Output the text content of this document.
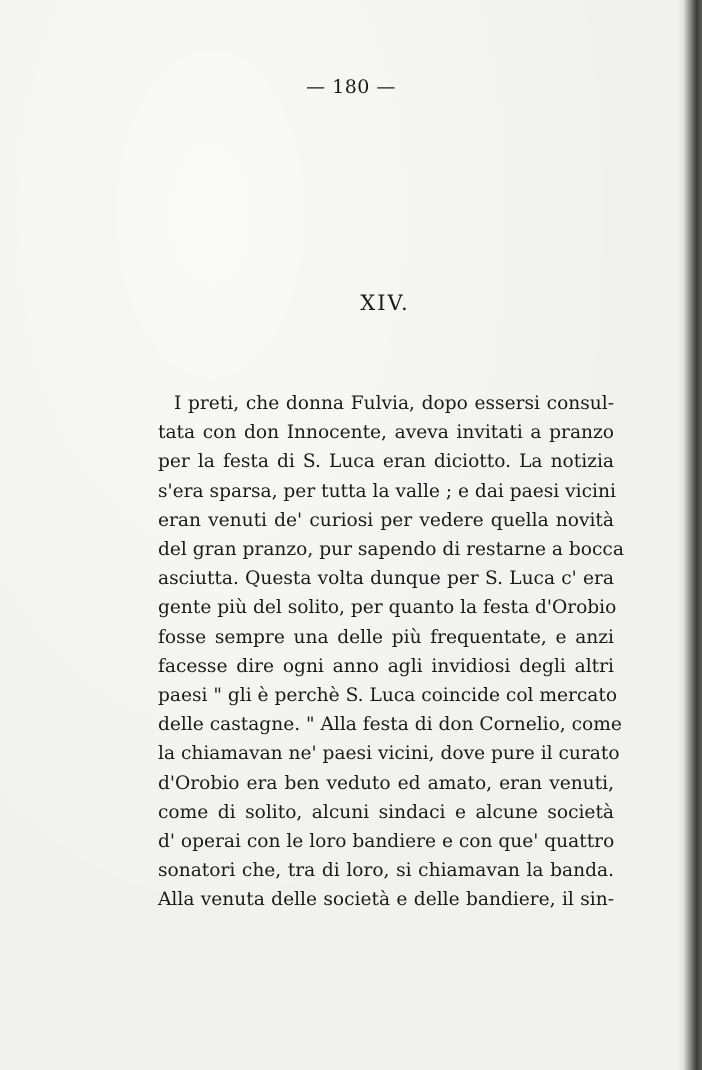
— 180 —
XIV.
I preti, che donna Fulvia, dopo essersi consul-
tata con don Innocente, aveva invitati a pranzo
per la festa di S. Luca eran diciotto. La notizia
s'era sparsa, per tutta la valle ; e dai paesi vicini
eran venuti de' curiosi per vedere quella novità
del gran pranzo, pur sapendo di restarne a bocca
asciutta. Questa volta dunque per S. Luca c' era
gente più del solito, per quanto la festa d'Orobio
fosse sempre una delle più frequentate, e anzi
facesse dire ogni anno agli invidiosi degli altri
paesi " gli è perchè S. Luca coincide col mercato
delle castagne. " Alla festa di don Cornelio, come
la chiamavan ne' paesi vicini, dove pure il curato
d'Orobio era ben veduto ed amato, eran venuti,
come di solito, alcuni sindaci e alcune società
d' operai con le loro bandiere e con que' quattro
sonatori che, tra di loro, si chiamavan la banda.
Alla venuta delle società e delle bandiere, il sin-
